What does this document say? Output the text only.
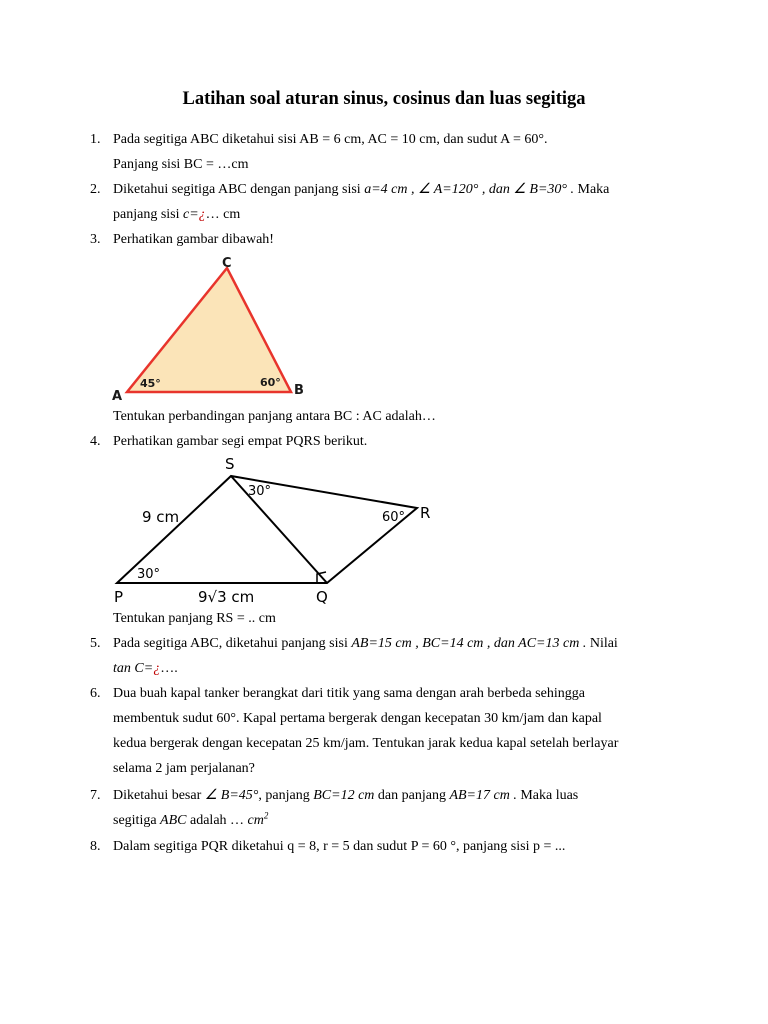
Latihan soal aturan sinus, cosinus dan luas segitiga
1. Pada segitiga ABC diketahui sisi AB = 6 cm, AC = 10 cm, dan sudut A = 60°.
Panjang sisi BC = …cm
2. Diketahui segitiga ABC dengan panjang sisi a=4 cm , ∠ A=120° , dan ∠ B=30° . Maka
panjang sisi c=¿… cm
3. Perhatikan gambar dibawah!
C
A	B
45°	60°
Tentukan perbandingan panjang antara BC : AC adalah…
4. Perhatikan gambar segi empat PQRS berikut.
S
R
P	Q
9 cm
9√3 cm
30°
60°
30°
Tentukan panjang RS = .. cm
5. Pada segitiga ABC, diketahui panjang sisi AB=15 cm , BC=14 cm , dan AC=13 cm . Nilai
tan C=¿….
6. Dua buah kapal tanker berangkat dari titik yang sama dengan arah berbeda sehingga
membentuk sudut 60°. Kapal pertama bergerak dengan kecepatan 30 km/jam dan kapal
kedua bergerak dengan kecepatan 25 km/jam. Tentukan jarak kedua kapal setelah berlayar
selama 2 jam perjalanan?
7. Diketahui besar ∠ B=45°, panjang BC=12 cm dan panjang AB=17 cm . Maka luas
segitiga ABC adalah … $cm^2$
8. Dalam segitiga PQR diketahui q = 8, r = 5 dan sudut P = 60 °, panjang sisi p = ...
